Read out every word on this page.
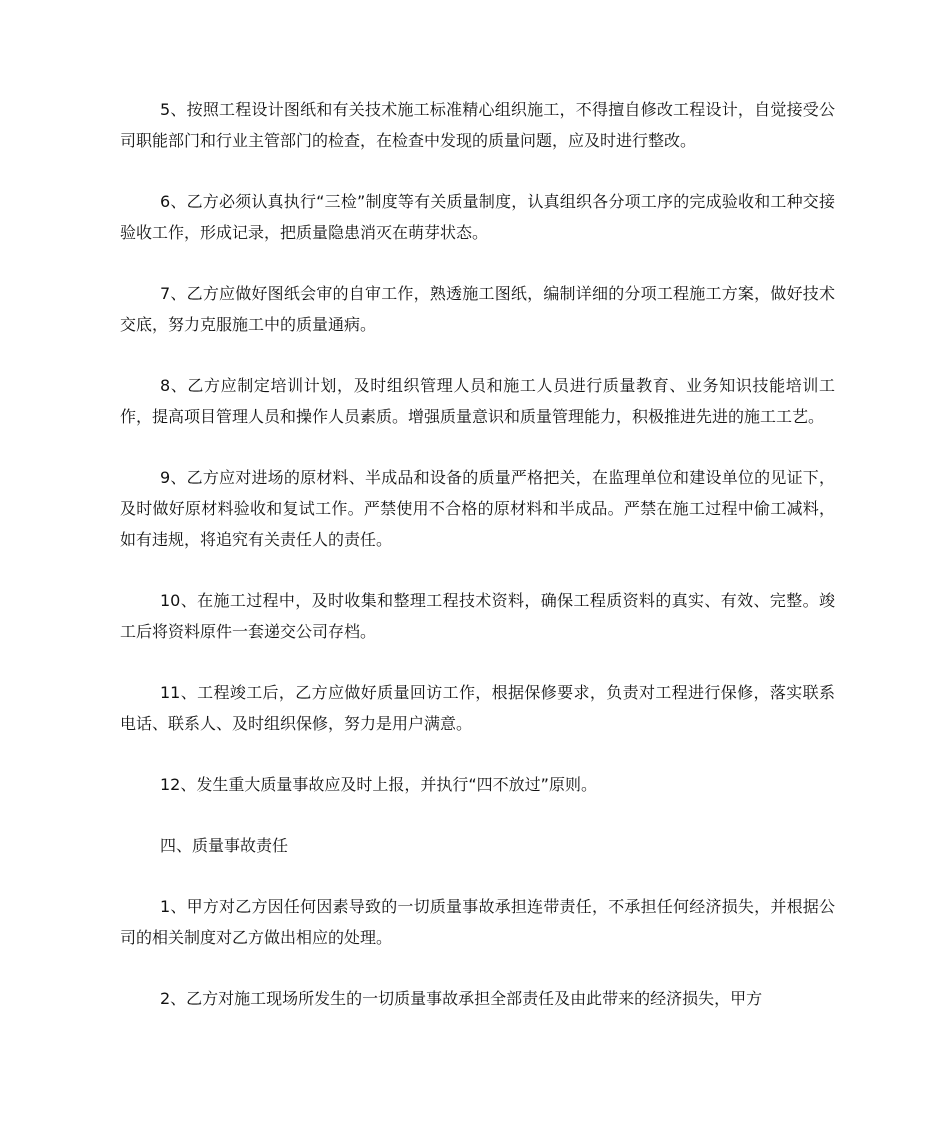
5、按照工程设计图纸和有关技术施工标准精心组织施工，不得擅自修改工程设计，自觉接受公司职能部门和行业主管部门的检查，在检查中发现的质量问题，应及时进行整改。

6、乙方必须认真执行“三检”制度等有关质量制度，认真组织各分项工序的完成验收和工种交接验收工作，形成记录，把质量隐患消灭在萌芽状态。

7、乙方应做好图纸会审的自审工作，熟透施工图纸，编制详细的分项工程施工方案，做好技术交底，努力克服施工中的质量通病。

8、乙方应制定培训计划，及时组织管理人员和施工人员进行质量教育、业务知识技能培训工作，提高项目管理人员和操作人员素质。增强质量意识和质量管理能力，积极推进先进的施工工艺。

9、乙方应对进场的原材料、半成品和设备的质量严格把关，在监理单位和建设单位的见证下，及时做好原材料验收和复试工作。严禁使用不合格的原材料和半成品。严禁在施工过程中偷工减料，如有违规，将追究有关责任人的责任。

10、在施工过程中，及时收集和整理工程技术资料，确保工程质资料的真实、有效、完整。竣工后将资料原件一套递交公司存档。

11、工程竣工后，乙方应做好质量回访工作，根据保修要求，负责对工程进行保修，落实联系电话、联系人、及时组织保修，努力是用户满意。

12、发生重大质量事故应及时上报，并执行“四不放过”原则。

四、质量事故责任

1、甲方对乙方因任何因素导致的一切质量事故承担连带责任，不承担任何经济损失，并根据公司的相关制度对乙方做出相应的处理。

2、乙方对施工现场所发生的一切质量事故承担全部责任及由此带来的经济损失，甲方
